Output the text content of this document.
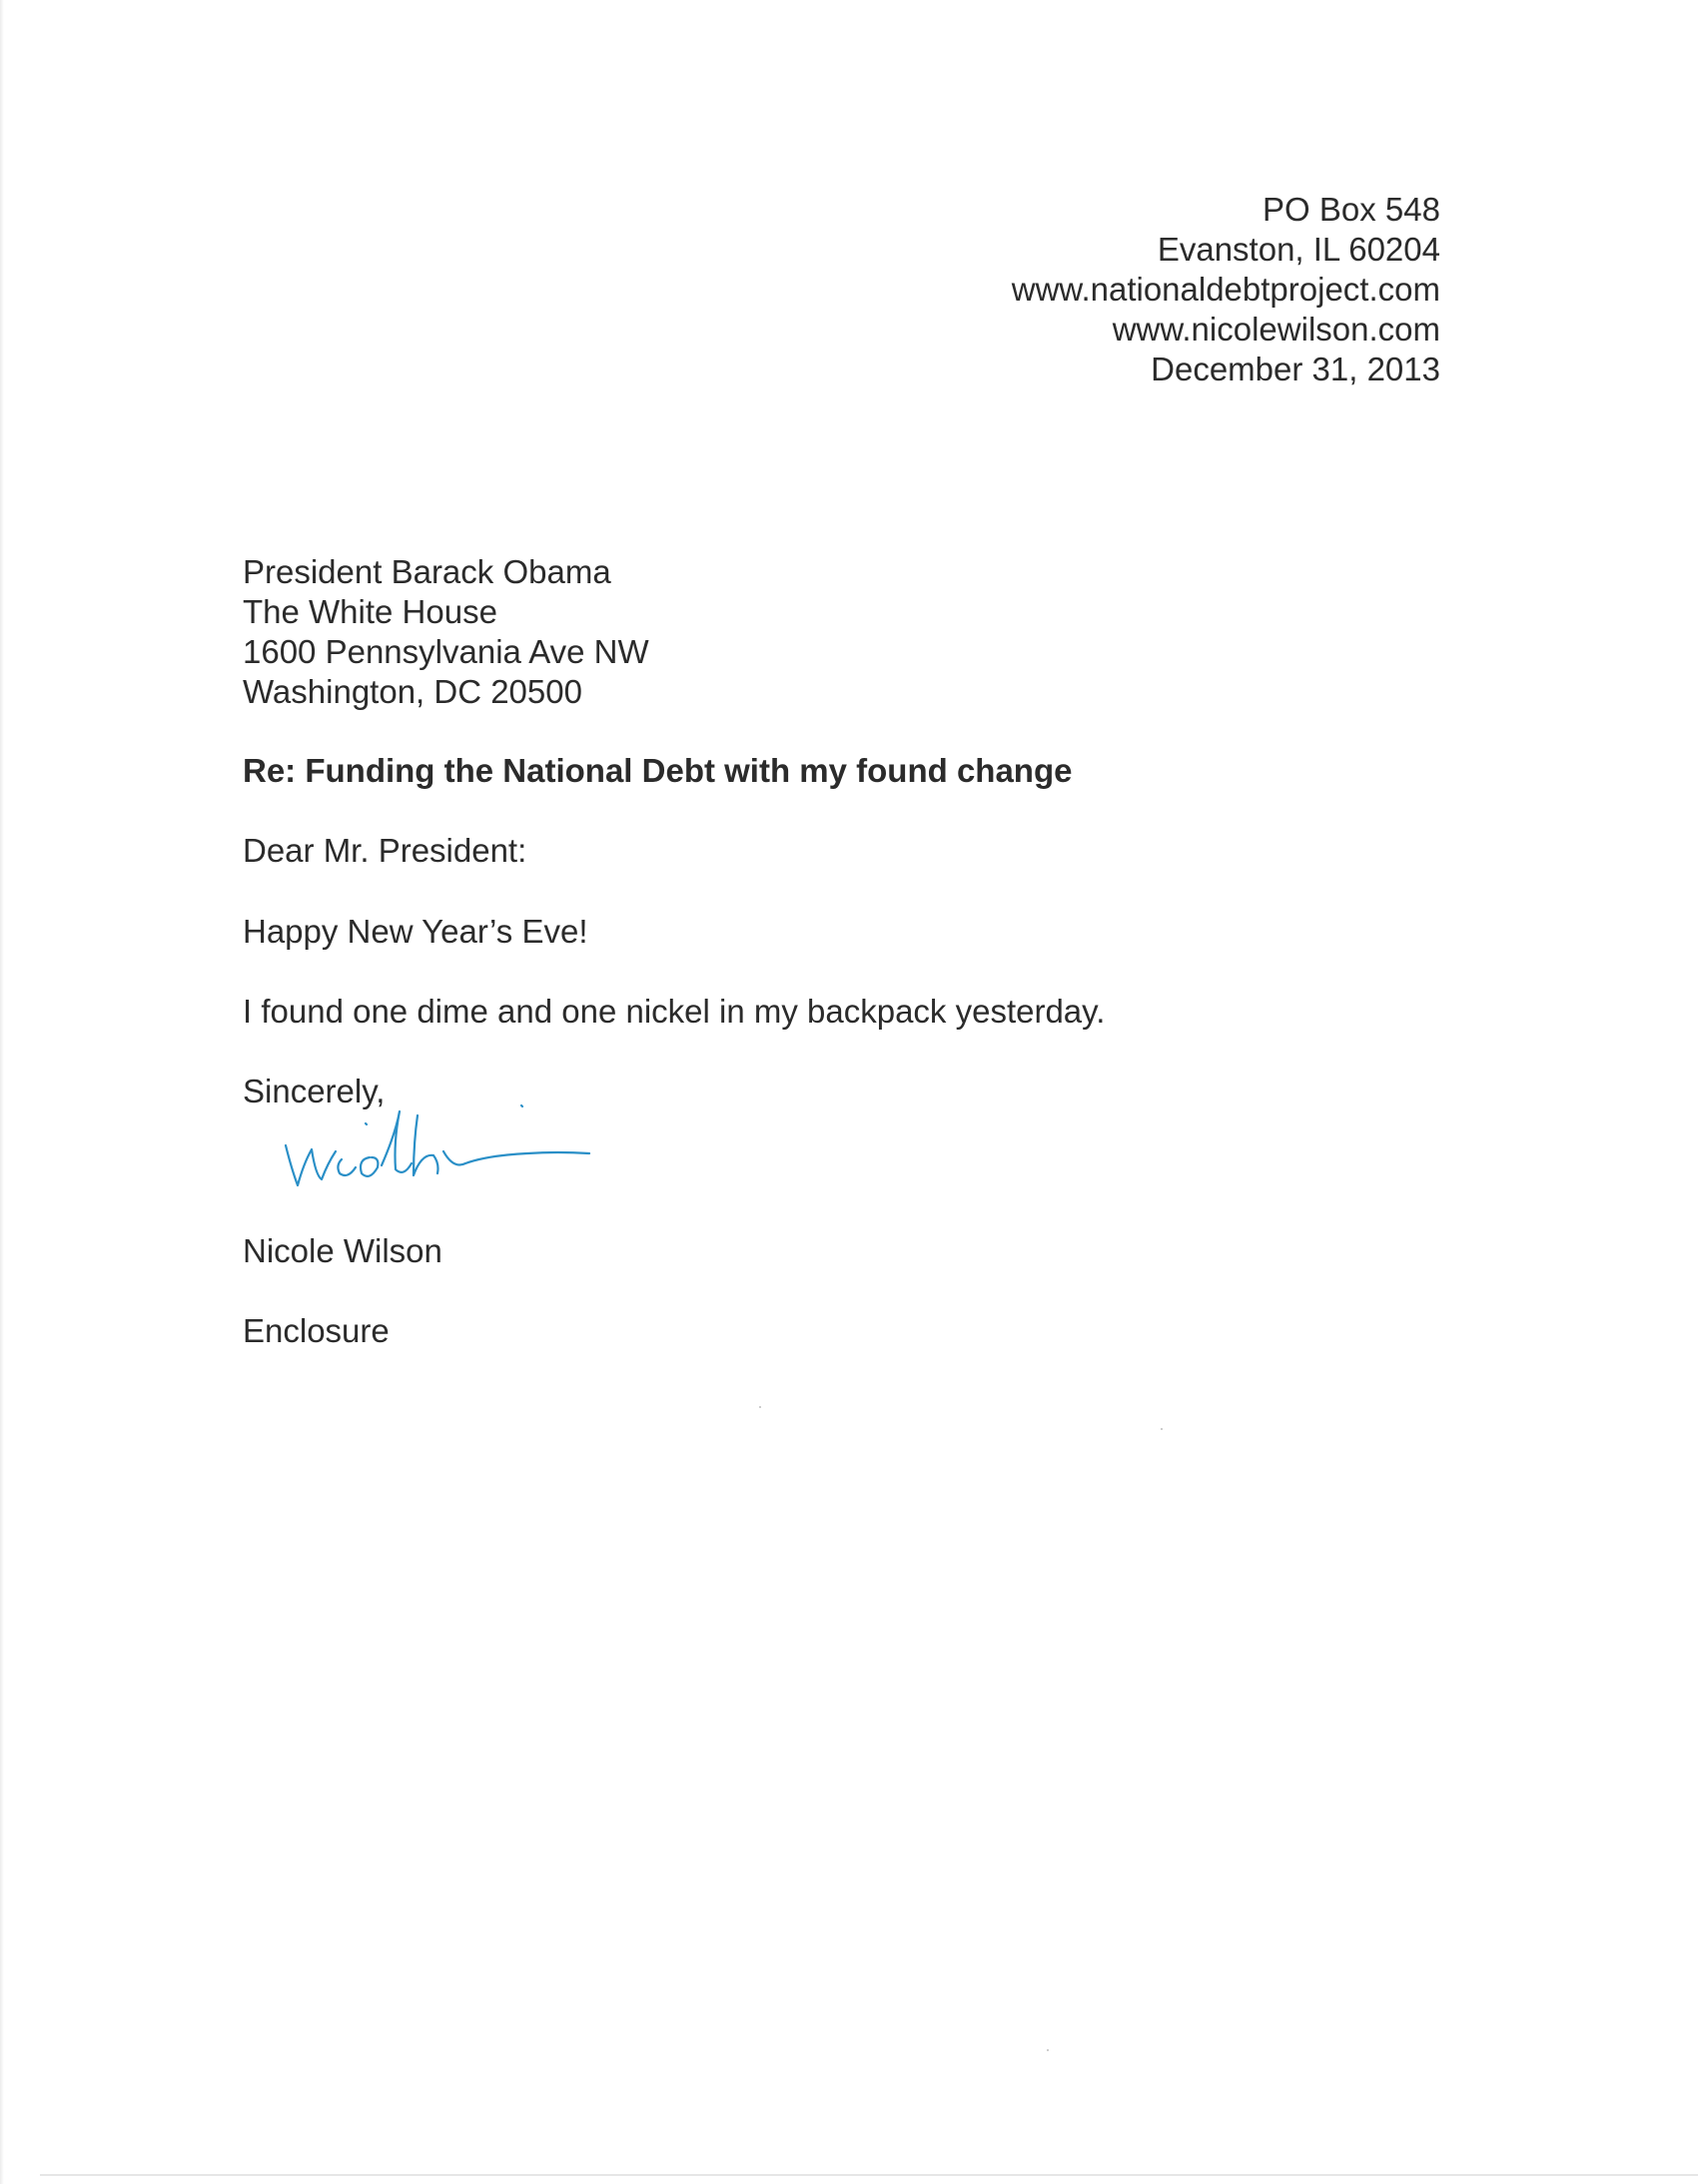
PO Box 548
Evanston, IL 60204
www.nationaldebtproject.com
www.nicolewilson.com
December 31, 2013
President Barack Obama
The White House
1600 Pennsylvania Ave NW
Washington, DC 20500
Re: Funding the National Debt with my found change
Dear Mr. President:
Happy New Year’s Eve!
I found one dime and one nickel in my backpack yesterday.
Sincerely,
Nicole Wilson
Enclosure
